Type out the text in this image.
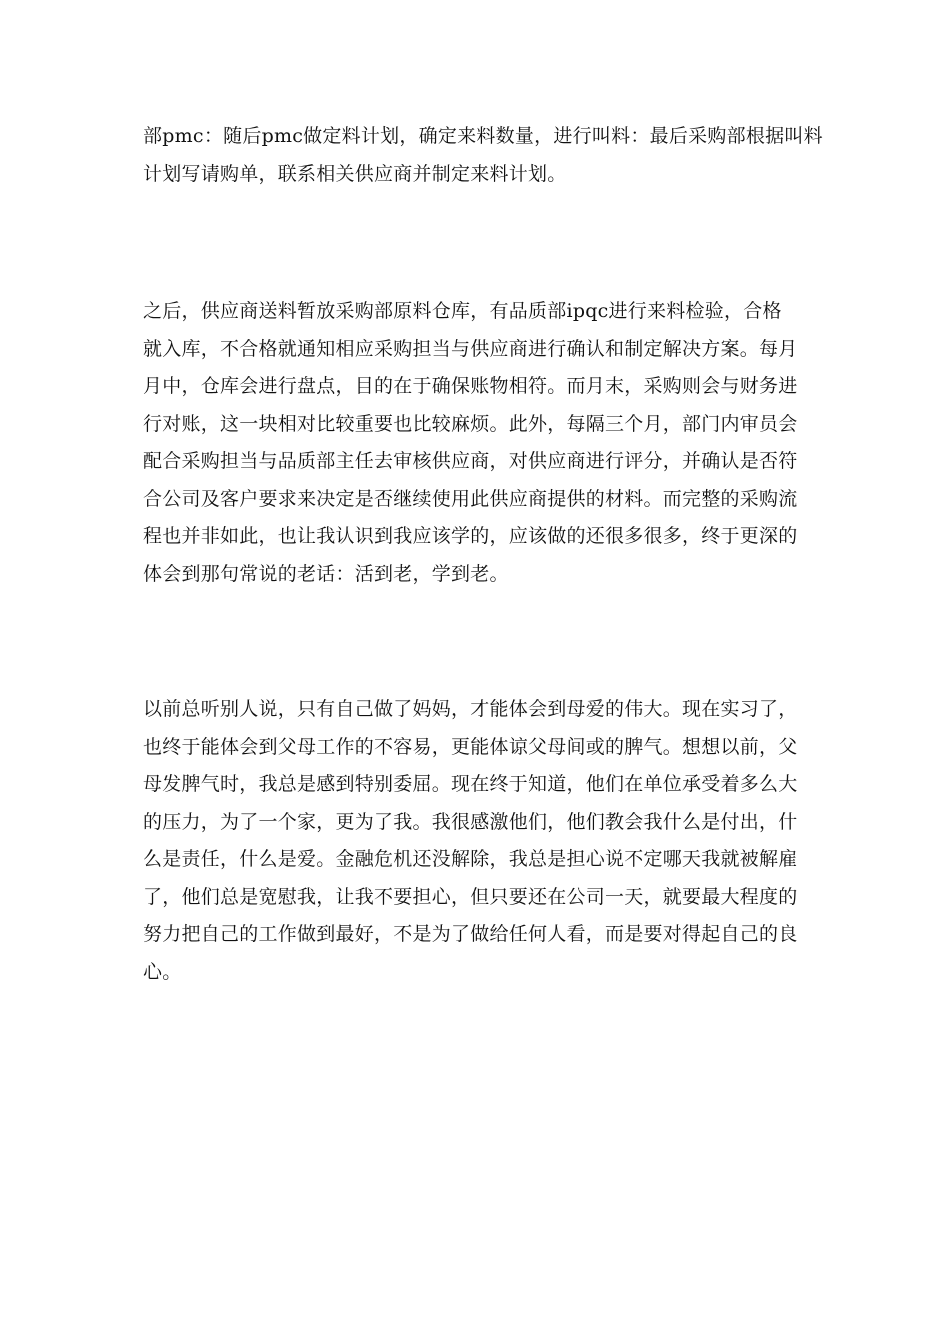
部pmc：随后pmc做定料计划，确定来料数量，进行叫料：最后采购部根据叫料
计划写请购单，联系相关供应商并制定来料计划。
之后，供应商送料暂放采购部原料仓库，有品质部ipqc进行来料检验，合格
就入库，不合格就通知相应采购担当与供应商进行确认和制定解决方案。每月
月中，仓库会进行盘点，目的在于确保账物相符。而月末，采购则会与财务进
行对账，这一块相对比较重要也比较麻烦。此外，每隔三个月，部门内审员会
配合采购担当与品质部主任去审核供应商，对供应商进行评分，并确认是否符
合公司及客户要求来决定是否继续使用此供应商提供的材料。而完整的采购流
程也并非如此，也让我认识到我应该学的，应该做的还很多很多，终于更深的
体会到那句常说的老话：活到老，学到老。
以前总听别人说，只有自己做了妈妈，才能体会到母爱的伟大。现在实习了，
也终于能体会到父母工作的不容易，更能体谅父母间或的脾气。想想以前，父
母发脾气时，我总是感到特别委屈。现在终于知道，他们在单位承受着多么大
的压力，为了一个家，更为了我。我很感激他们，他们教会我什么是付出，什
么是责任，什么是爱。金融危机还没解除，我总是担心说不定哪天我就被解雇
了，他们总是宽慰我，让我不要担心，但只要还在公司一天，就要最大程度的
努力把自己的工作做到最好，不是为了做给任何人看，而是要对得起自己的良
心。
